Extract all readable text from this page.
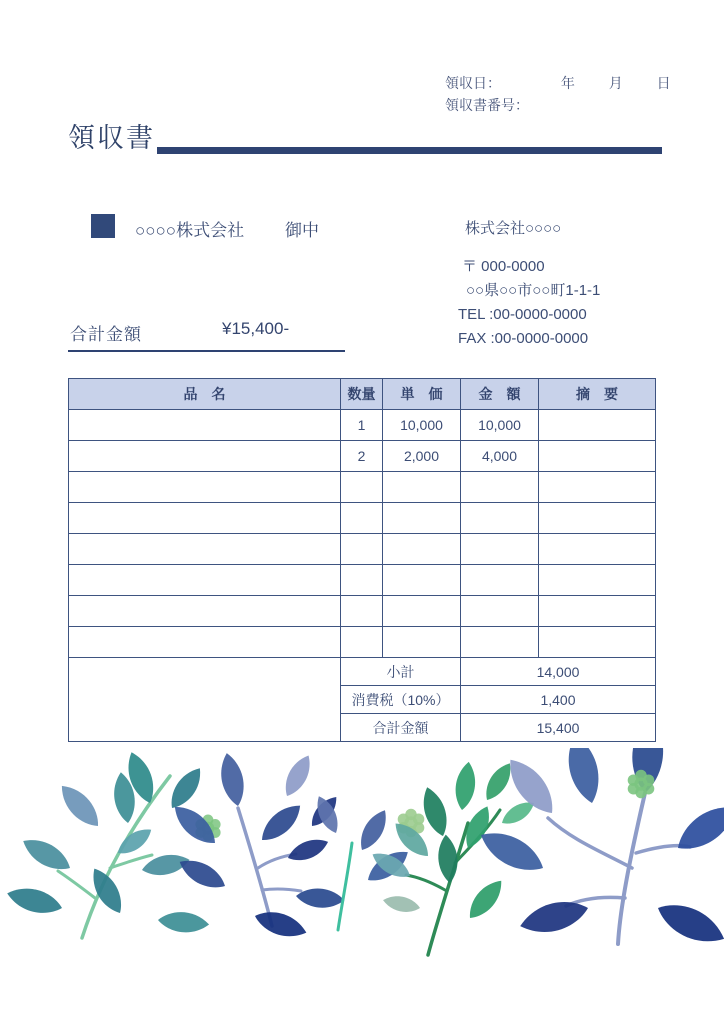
領収日：	年 月 日
領収書番号：
領収書
○○○○株式会社 御中	株式会社○○○○
〒 000-0000
○○県○○市○○町1-1-1
TEL :00-0000-0000
FAX :00-0000-0000
合計金額	¥15,400-
品　名	数量	単　価	金　額	摘　要
	1	10,000	10,000	
	2	2,000	4,000	

	小計		14,000	
	消費税（10%）		1,400	
	合計金額		15,400	
